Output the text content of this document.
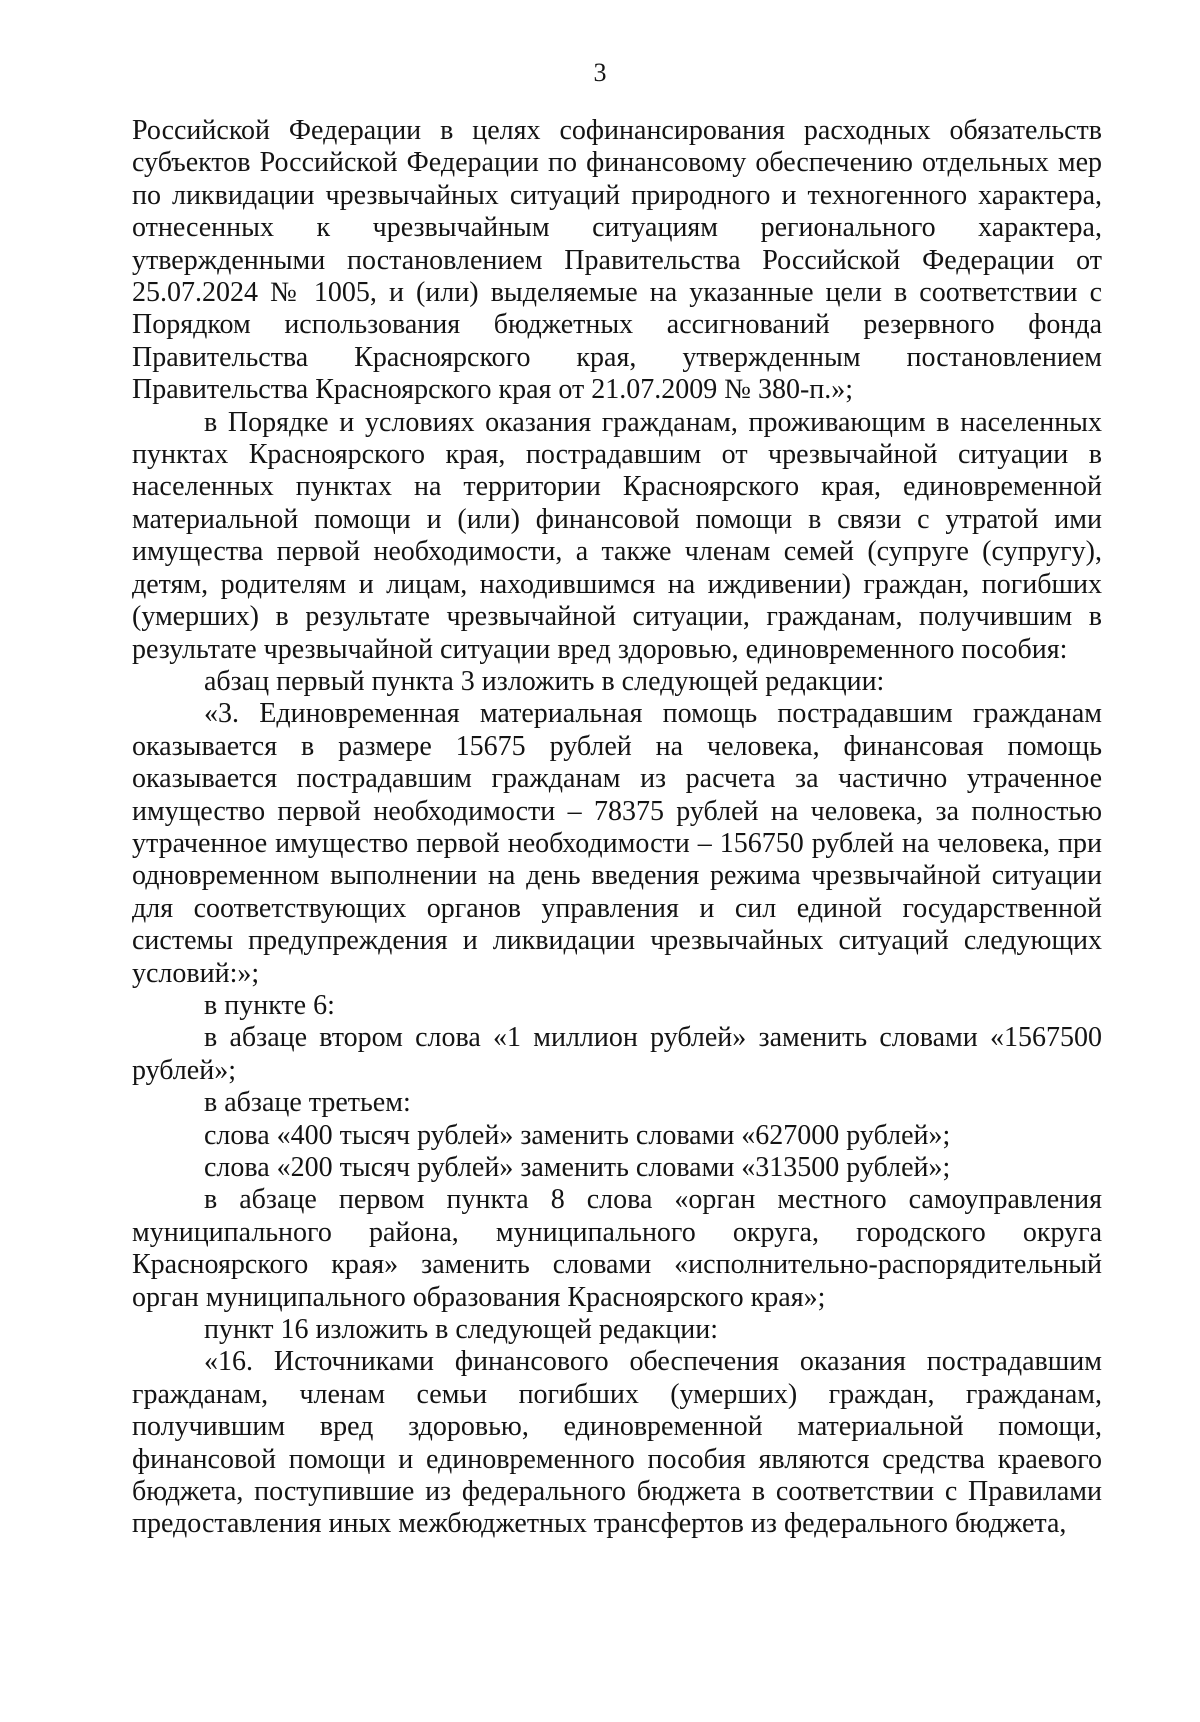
3

Российской Федерации в целях софинансирования расходных обязательств субъектов Российской Федерации по финансовому обеспечению отдельных мер по ликвидации чрезвычайных ситуаций природного и техногенного характера, отнесенных к чрезвычайным ситуациям регионального характера, утвержденными постановлением Правительства Российской Федерации от 25.07.2024 № 1005, и (или) выделяемые на указанные цели в соответствии с Порядком использования бюджетных ассигнований резервного фонда Правительства Красноярского края, утвержденным постановлением Правительства Красноярского края от 21.07.2009 № 380-п.»;

в Порядке и условиях оказания гражданам, проживающим в населенных пунктах Красноярского края, пострадавшим от чрезвычайной ситуации в населенных пунктах на территории Красноярского края, единовременной материальной помощи и (или) финансовой помощи в связи с утратой ими имущества первой необходимости, а также членам семей (супруге (супругу), детям, родителям и лицам, находившимся на иждивении) граждан, погибших (умерших) в результате чрезвычайной ситуации, гражданам, получившим в результате чрезвычайной ситуации вред здоровью, единовременного пособия:

абзац первый пункта 3 изложить в следующей редакции:

«3. Единовременная материальная помощь пострадавшим гражданам оказывается в размере 15675 рублей на человека, финансовая помощь оказывается пострадавшим гражданам из расчета за частично утраченное имущество первой необходимости – 78375 рублей на человека, за полностью утраченное имущество первой необходимости – 156750 рублей на человека, при одновременном выполнении на день введения режима чрезвычайной ситуации для соответствующих органов управления и сил единой государственной системы предупреждения и ликвидации чрезвычайных ситуаций следующих условий:»;

в пункте 6:

в абзаце втором слова «1 миллион рублей» заменить словами «1567500 рублей»;

в абзаце третьем:

слова «400 тысяч рублей» заменить словами «627000 рублей»;

слова «200 тысяч рублей» заменить словами «313500 рублей»;

в абзаце первом пункта 8 слова «орган местного самоуправления муниципального района, муниципального округа, городского округа Красноярского края» заменить словами «исполнительно-распорядительный орган муниципального образования Красноярского края»;

пункт 16 изложить в следующей редакции:

«16. Источниками финансового обеспечения оказания пострадавшим гражданам, членам семьи погибших (умерших) граждан, гражданам, получившим вред здоровью, единовременной материальной помощи, финансовой помощи и единовременного пособия являются средства краевого бюджета, поступившие из федерального бюджета в соответствии с Правилами предоставления иных межбюджетных трансфертов из федерального бюджета,
